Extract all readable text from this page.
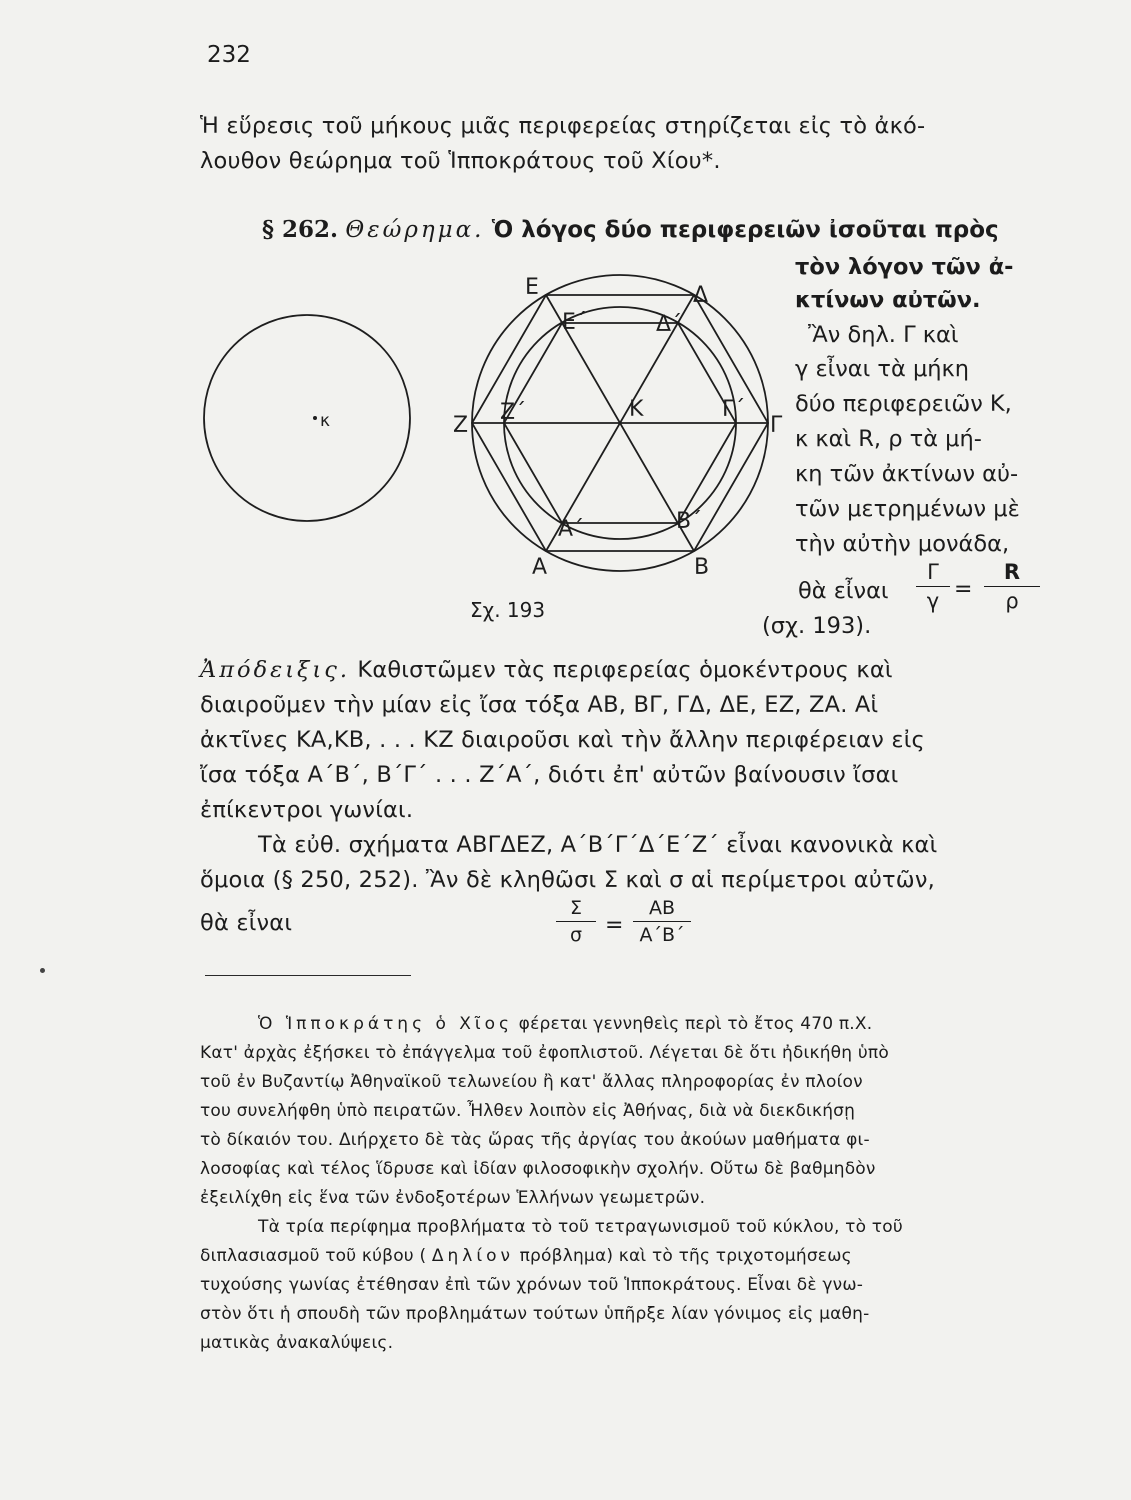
232
Ἡ εὕρεσις τοῦ μήκους μιᾶς περιφερείας στηρίζεται εἰς τὸ ἀκό-
λουθον θεώρημα τοῦ Ἱπποκράτους τοῦ Χίου*.
§ 262. Θεώρημα. Ὁ λόγος δύο περιφερειῶν ἰσοῦται πρὸς
τὸν λόγον τῶν ἀ-
κτίνων αὐτῶν.
Ἂν δηλ. Γ καὶ
γ εἶναι τὰ μήκη
δύο περιφερειῶν Κ,
κ καὶ R, ρ τὰ μή-
κη τῶν ἀκτίνων αὐ-
τῶν μετρημένων μὲ
τὴν αὐτὴν μονάδα,
θὰ εἶναι
Γ
γ =
R
ρ
(σχ. 193).
κ
Α	Β
Γ
Δ
Ε
Ζ
Α΄	Β΄
Γ΄
Δ΄
Ε΄
Ζ΄	Κ
Σχ. 193
Ἀπόδειξις. Καθιστῶμεν τὰς περιφερείας ὁμοκέντρους καὶ
διαιροῦμεν τὴν μίαν εἰς ἴσα τόξα ΑΒ, ΒΓ, ΓΔ, ΔΕ, ΕΖ, ΖΑ. Αἱ
ἀκτῖνες ΚΑ,ΚΒ, . . . ΚΖ διαιροῦσι καὶ τὴν ἄλλην περιφέρειαν εἰς
ἴσα τόξα Α΄Β΄, Β΄Γ΄ . . . Ζ΄Α΄, διότι ἐπ' αὐτῶν βαίνουσιν ἴσαι
ἐπίκεντροι γωνίαι.
Τὰ εὐθ. σχήματα ΑΒΓΔΕΖ, Α΄Β΄Γ΄Δ΄Ε΄Ζ΄ εἶναι κανονικὰ καὶ
ὅμοια (§ 250, 252). Ἂν δὲ κληθῶσι Σ καὶ σ αἱ περίμετροι αὐτῶν,
θὰ εἶναι
Σ
σ =
ΑΒ
Α΄Β΄
Ὁ Ἱπποκράτης ὁ Χῖος φέρεται γεννηθεὶς περὶ τὸ ἔτος 470 π.Χ.
Κατ' ἀρχὰς ἐξήσκει τὸ ἐπάγγελμα τοῦ ἐφοπλιστοῦ. Λέγεται δὲ ὅτι ἠδικήθη ὑπὸ
τοῦ ἐν Βυζαντίῳ Ἀθηναϊκοῦ τελωνείου ἢ κατ' ἄλλας πληροφορίας ἐν πλοίον
του συνελήφθη ὑπὸ πειρατῶν. Ἦλθεν λοιπὸν εἰς Ἀθήνας, διὰ νὰ διεκδικήσῃ
τὸ δίκαιόν του. Διήρχετο δὲ τὰς ὥρας τῆς ἀργίας του ἀκούων μαθήματα φι-
λοσοφίας καὶ τέλος ἵδρυσε καὶ ἰδίαν φιλοσοφικὴν σχολήν. Οὕτω δὲ βαθμηδὸν
ἐξειλίχθη εἰς ἕνα τῶν ἐνδοξοτέρων Ἑλλήνων γεωμετρῶν.
Τὰ τρία περίφημα προβλήματα τὸ τοῦ τετραγωνισμοῦ τοῦ κύκλου, τὸ τοῦ
διπλασιασμοῦ τοῦ κύβου ( Δηλίον πρόβλημα) καὶ τὸ τῆς τριχοτομήσεως
τυχούσης γωνίας ἐτέθησαν ἐπὶ τῶν χρόνων τοῦ Ἱπποκράτους. Εἶναι δὲ γνω-
στὸν ὅτι ἡ σπουδὴ τῶν προβλημάτων τούτων ὑπῆρξε λίαν γόνιμος εἰς μαθη-
ματικὰς ἀνακαλύψεις.
